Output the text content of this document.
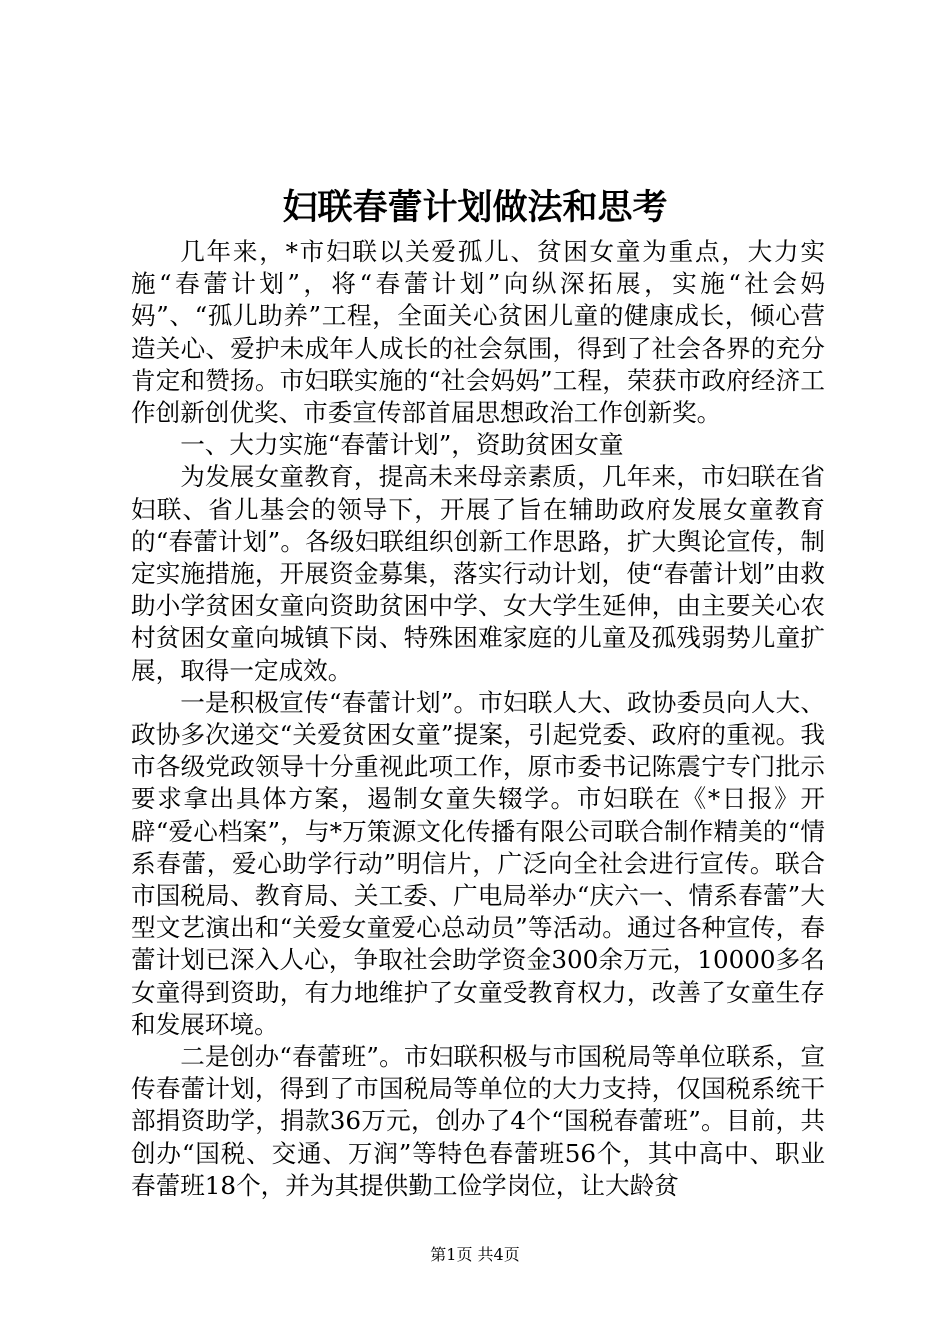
妇联春蕾计划做法和思考

几年来，*市妇联以关爱孤儿、贫困女童为重点，大力实施“春蕾计划”，将“春蕾计划”向纵深拓展，实施“社会妈妈”、“孤儿助养”工程，全面关心贫困儿童的健康成长，倾心营造关心、爱护未成年人成长的社会氛围，得到了社会各界的充分肯定和赞扬。市妇联实施的“社会妈妈”工程，荣获市政府经济工作创新创优奖、市委宣传部首届思想政治工作创新奖。

一、大力实施“春蕾计划”，资助贫困女童

为发展女童教育，提高未来母亲素质，几年来，市妇联在省妇联、省儿基会的领导下，开展了旨在辅助政府发展女童教育的“春蕾计划”。各级妇联组织创新工作思路，扩大舆论宣传，制定实施措施，开展资金募集，落实行动计划，使“春蕾计划”由救助小学贫困女童向资助贫困中学、女大学生延伸，由主要关心农村贫困女童向城镇下岗、特殊困难家庭的儿童及孤残弱势儿童扩展，取得一定成效。

一是积极宣传“春蕾计划”。市妇联人大、政协委员向人大、政协多次递交“关爱贫困女童”提案，引起党委、政府的重视。我市各级党政领导十分重视此项工作，原市委书记陈震宁专门批示要求拿出具体方案，遏制女童失辍学。市妇联在《*日报》开辟“爱心档案”，与*万策源文化传播有限公司联合制作精美的“情系春蕾，爱心助学行动”明信片，广泛向全社会进行宣传。联合市国税局、教育局、关工委、广电局举办“庆六一、情系春蕾”大型文艺演出和“关爱女童爱心总动员”等活动。通过各种宣传，春蕾计划已深入人心，争取社会助学资金300余万元，10000多名女童得到资助，有力地维护了女童受教育权力，改善了女童生存和发展环境。

二是创办“春蕾班”。市妇联积极与市国税局等单位联系，宣传春蕾计划，得到了市国税局等单位的大力支持，仅国税系统干部捐资助学，捐款36万元，创办了4个“国税春蕾班”。目前，共创办“国税、交通、万润”等特色春蕾班56个，其中高中、职业春蕾班18个，并为其提供勤工俭学岗位，让大龄贫

第1页 共4页
